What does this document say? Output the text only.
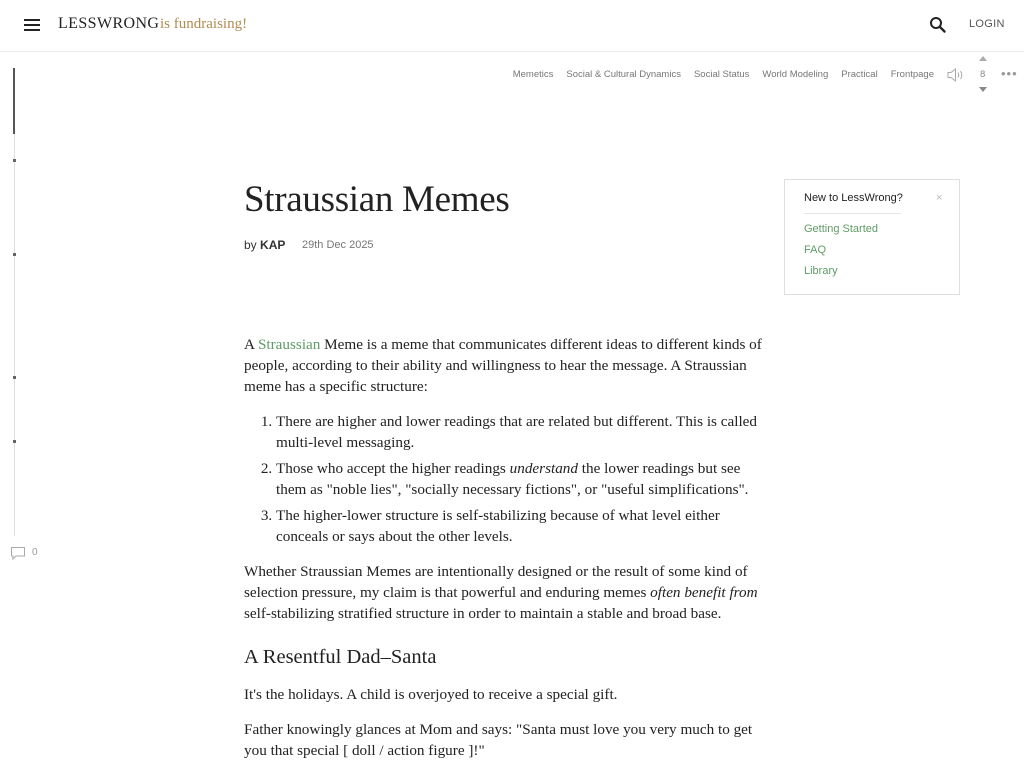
LESSWRONG is fundraising!	LOGIN
Memetics Social & Cultural Dynamics Social Status World Modeling Practical Frontpage	8 •••
0
Straussian Memes
by KAP 29th Dec 2025
New to LessWrong?	×
Getting Started
FAQ
Library

A Straussian Meme is a meme that communicates different ideas to different kinds of people, according to their ability and willingness to hear the message. A Straussian meme has a specific structure:

1. There are higher and lower readings that are related but different. This is called multi-level messaging.
2. Those who accept the higher readings understand the lower readings but see them as "noble lies", "socially necessary fictions", or "useful simplifications".
3. The higher-lower structure is self-stabilizing because of what level either conceals or says about the other levels.

Whether Straussian Memes are intentionally designed or the result of some kind of selection pressure, my claim is that powerful and enduring memes often benefit from self-stabilizing stratified structure in order to maintain a stable and broad base.

A Resentful Dad–Santa

It's the holidays. A child is overjoyed to receive a special gift.

Father knowingly glances at Mom and says: "Santa must love you very much to get you that special [ doll / action figure ]!"
